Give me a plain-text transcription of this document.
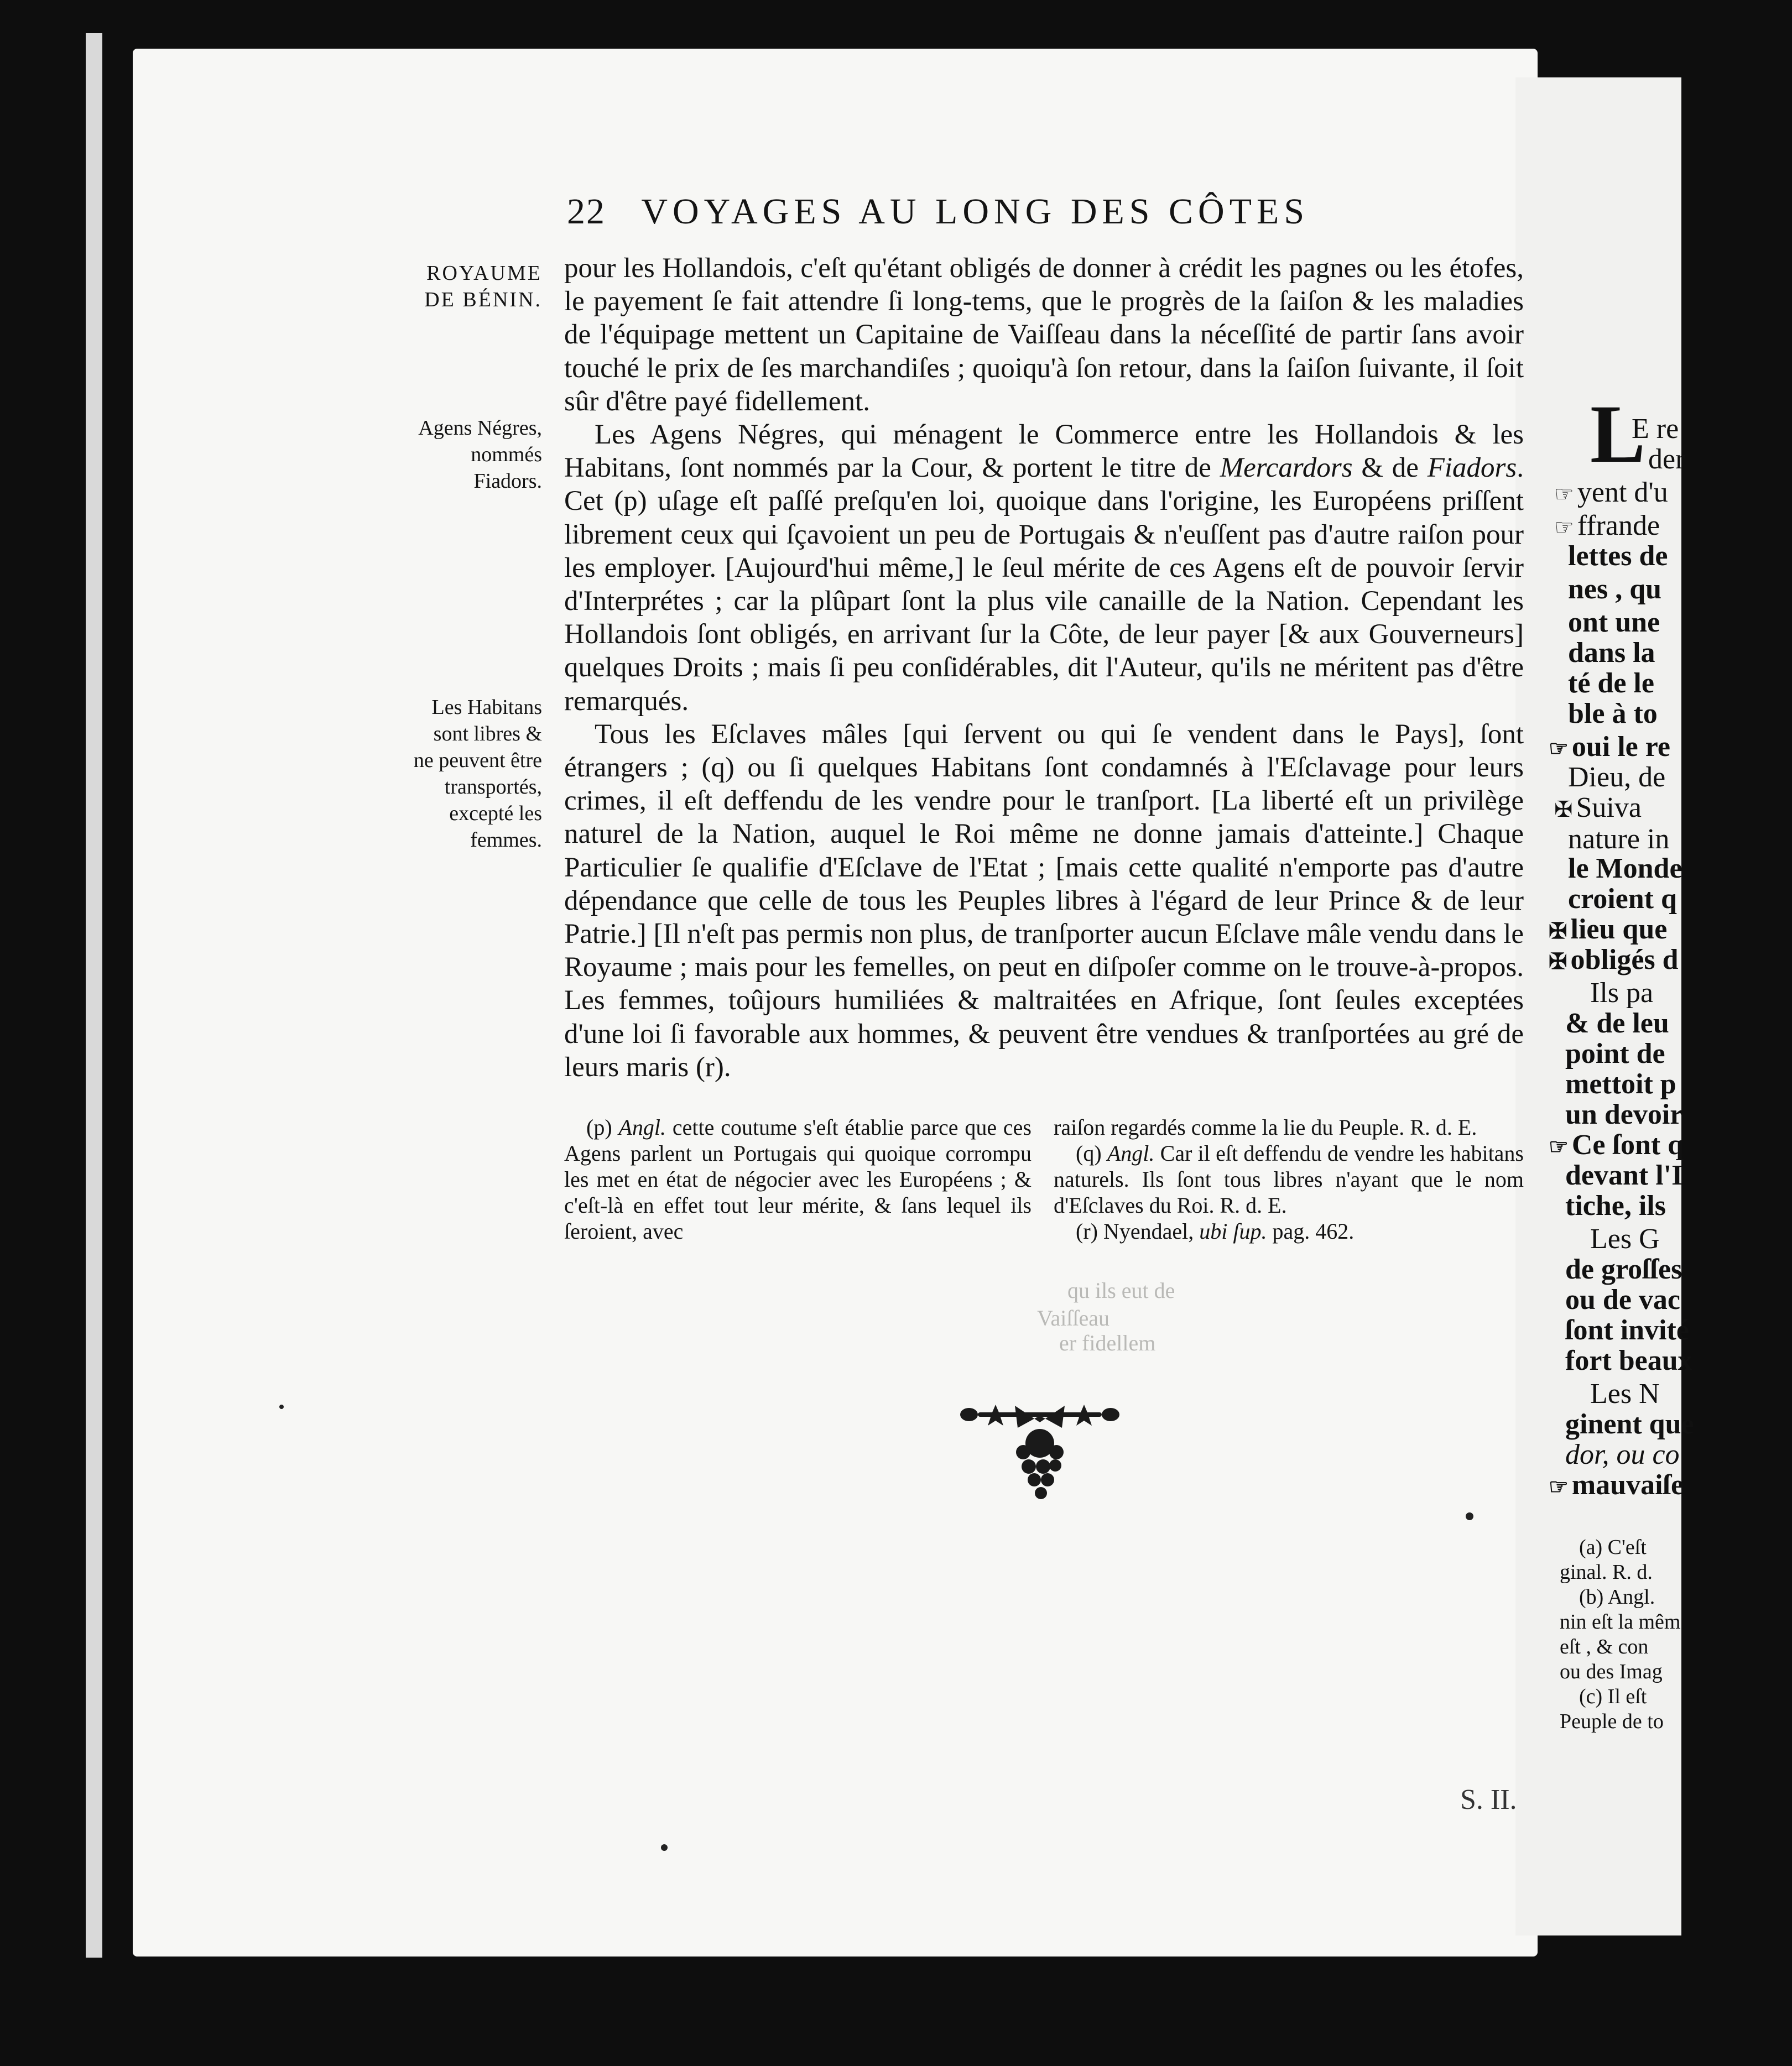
22 VOYAGES AU LONG DES CÔTES
ROYAUME DE BÉNIN.
Agens Négres, nommés Fiadors.
Les Habitans sont libres & ne peuvent être transportés, excepté les femmes.

pour les Hollandois, c'eſt qu'étant obligés de donner à crédit les pagnes ou les étofes, le payement ſe fait attendre ſi long-tems, que le progrès de la ſaiſon & les maladies de l'équipage mettent un Capitaine de Vaiſſeau dans la néceſſité de partir ſans avoir touché le prix de ſes marchandiſes ; quoiqu'à ſon retour, dans la ſaiſon ſuivante, il ſoit sûr d'être payé fidellement.

Les Agens Négres, qui ménagent le Commerce entre les Hollandois & les Habitans, ſont nommés par la Cour, & portent le titre de Mercardors & de Fiadors. Cet (p) uſage eſt paſſé preſqu'en loi, quoique dans l'origine, les Européens priſſent librement ceux qui ſçavoient un peu de Portugais & n'euſſent pas d'autre raiſon pour les employer. [Aujourd'hui même,] le ſeul mérite de ces Agens eſt de pouvoir ſervir d'Interprétes ; car la plûpart ſont la plus vile canaille de la Nation. Cependant les Hollandois ſont obligés, en arrivant ſur la Côte, de leur payer [& aux Gouverneurs] quelques Droits ; mais ſi peu conſidérables, dit l'Auteur, qu'ils ne méritent pas d'être remarqués.

Tous les Eſclaves mâles [qui ſervent ou qui ſe vendent dans le Pays], ſont étrangers ; (q) ou ſi quelques Habitans ſont condamnés à l'Eſclavage pour leurs crimes, il eſt deffendu de les vendre pour le tranſport. [La liberté eſt un privilège naturel de la Nation, auquel le Roi même ne donne jamais d'atteinte.] Chaque Particulier ſe qualifie d'Eſclave de l'Etat ; [mais cette qualité n'emporte pas d'autre dépendance que celle de tous les Peuples libres à l'égard de leur Prince & de leur Patrie.] [Il n'eſt pas permis non plus, de tranſporter aucun Eſclave mâle vendu dans le Royaume ; mais pour les femelles, on peut en diſpoſer comme on le trouve-à-propos. Les femmes, toûjours humiliées & maltraitées en Afrique, ſont ſeules exceptées d'une loi ſi favorable aux hommes, & peuvent être vendues & tranſportées au gré de leurs maris (r).

(p) Angl. cette coutume s'eſt établie parce que ces Agens parlent un Portugais qui quoique corrompu les met en état de négocier avec les Européens ; & c'eſt-là en effet tout leur mérite, & ſans lequel ils ſeroient, avec

raiſon regardés comme la lie du Peuple. R. d. E.

(q) Angl. Car il eſt deffendu de vendre les habitans naturels. Ils ſont tous libres n'ayant que le nom d'Eſclaves du Roi. R. d. E.

(r) Nyendael, ubi ſup. pag. 462.

qu ils eut de
Vaiſſeau
er fidellem
S. II.
L
E re
der
☞ yent d'u
☞ ffrande
lettes de
nes , qu
ont une
dans la
té de le
ble à to
☞ oui le re
Dieu, de
✠ Suiva
nature in
le Monde
croient q
✠ lieu que
✠ obligés d
Ils pa
& de leu
point de
mettoit p
un devoir
☞ Ce ſont q
devant l'I
tiche, ils
Les G
de groſſes
ou de vac
ſont invité
fort beaux
Les N
ginent que
dor, ou co
☞ mauvaiſe
(a) C'eſt
ginal. R. d.
(b) Angl.
nin eſt la mêm
eſt , & con
ou des Imag
(c) Il eſt
Peuple de to
